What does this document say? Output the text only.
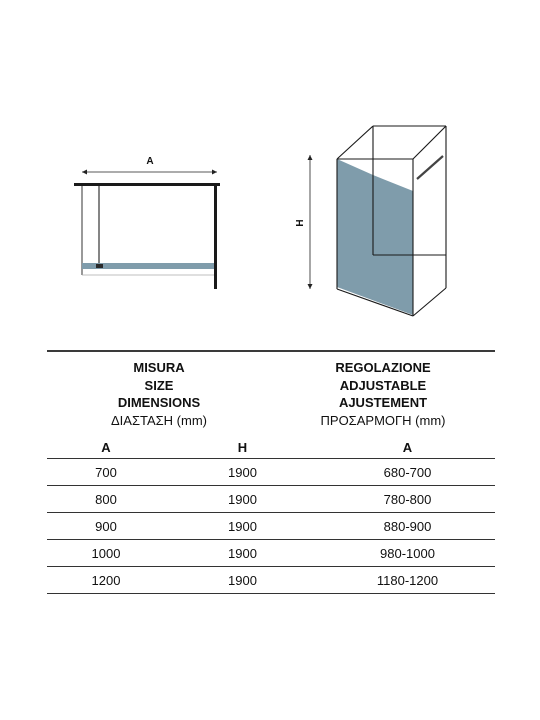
A
H
MISURA
SIZE
DIMENSIONS
ΔΙΑΣΤΑΣΗ (mm)
REGOLAZIONE
ADJUSTABLE
AJUSTEMENT
ΠΡΟΣΑΡΜΟΓΗ (mm)
A	H	A
700	1900	680-700
800	1900	780-800
900	1900	880-900
1000	1900	980-1000
1200	1900	1180-1200
